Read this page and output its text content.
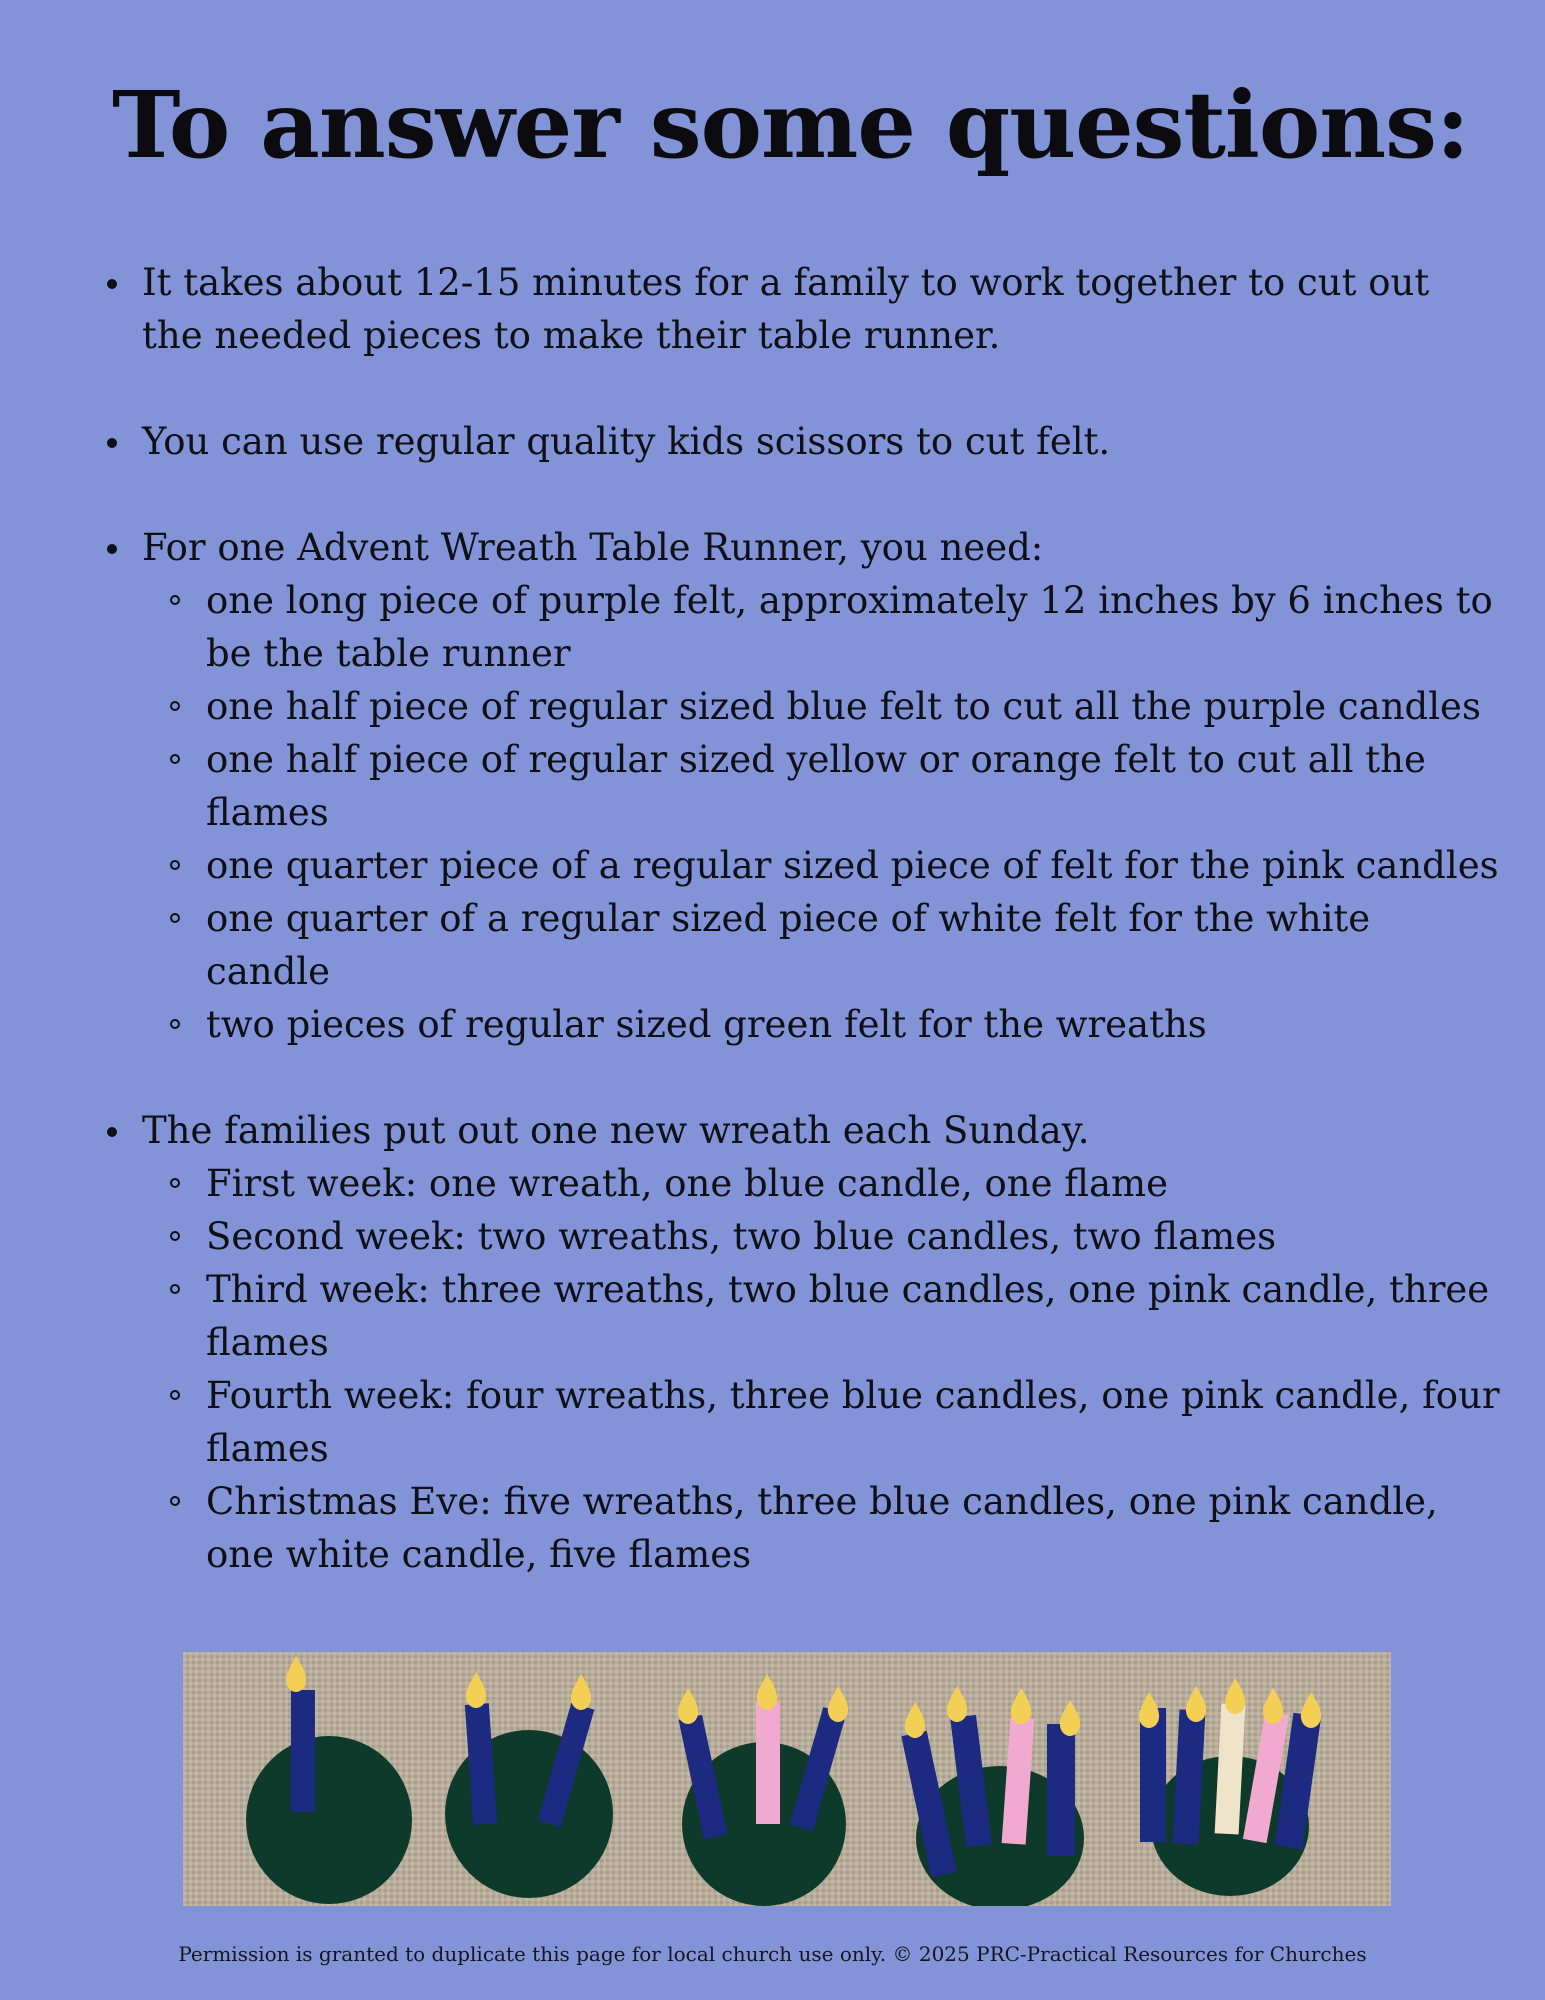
To answer some questions:
It takes about 12-15 minutes for a family to work together to cut out the needed pieces to make their table runner.
You can use regular quality kids scissors to cut felt.
For one Advent Wreath Table Runner, you need:
one long piece of purple felt, approximately 12 inches by 6 inches to be the table runner
one half piece of regular sized blue felt to cut all the purple candles
one half piece of regular sized yellow or orange felt to cut all the flames
one quarter piece of a regular sized piece of felt for the pink candles
one quarter of a regular sized piece of white felt for the white candle
two pieces of regular sized green felt for the wreaths
The families put out one new wreath each Sunday.
First week: one wreath, one blue candle, one flame
Second week: two wreaths, two blue candles, two flames
Third week: three wreaths, two blue candles, one pink candle, three flames
Fourth week: four wreaths, three blue candles, one pink candle, four flames
Christmas Eve: five wreaths, three blue candles, one pink candle, one white candle, five flames
Permission is granted to duplicate this page for local church use only. © 2025 PRC-Practical Resources for Churches
